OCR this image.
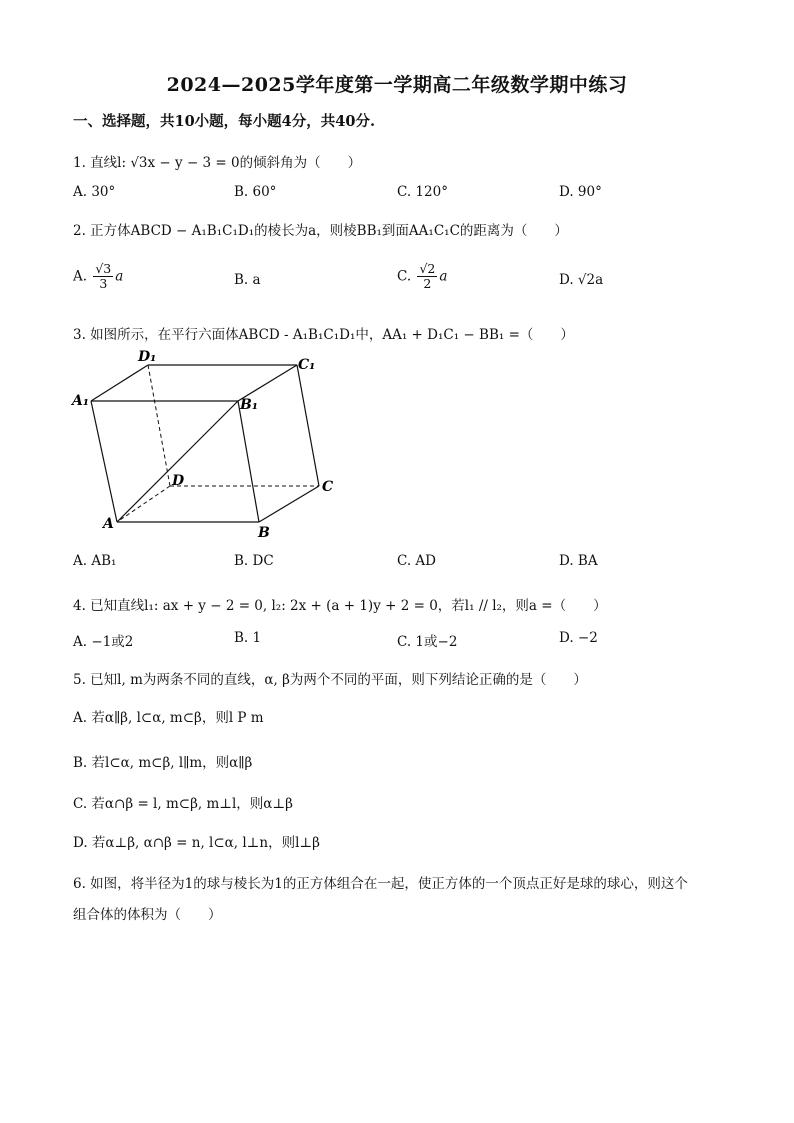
2024—2025学年度第一学期高二年级数学期中练习
一、选择题，共10小题，每小题4分，共40分.
1. 直线l: √3x − y − 3 = 0的倾斜角为（　　）
A. 30°	B. 60°	C. 120°	D. 90°
2. 正方体ABCD − A₁B₁C₁D₁的棱长为a，则棱BB₁到面AA₁C₁C的距离为（　　）
A. $\frac{√3}{3}$ a	B. a	C. $\frac{√2}{2}$ a	D. √2a
3. 如图所示，在平行六面体ABCD - A₁B₁C₁D₁中，AA₁ + D₁C₁ − BB₁ =（　　）
D₁	C₁
A₁	B₁
D	C
A
B
A. AB₁	B. DC	C. AD	D. BA
4. 已知直线l₁: ax + y − 2 = 0, l₂: 2x + (a + 1)y + 2 = 0，若l₁ // l₂，则a =（　　）
A. −1或2	B. 1	C. 1或−2	D. −2
5. 已知l, m为两条不同的直线，α, β为两个不同的平面，则下列结论正确的是（　　）
A. 若α∥β, l⊂α, m⊂β，则l P m
B. 若l⊂α, m⊂β, l∥m，则α∥β
C. 若α∩β = l, m⊂β, m⊥l，则α⊥β
D. 若α⊥β, α∩β = n, l⊂α, l⊥n，则l⊥β
6. 如图，将半径为1的球与棱长为1的正方体组合在一起，使正方体的一个顶点正好是球的球心，则这个
组合体的体积为（　　）
